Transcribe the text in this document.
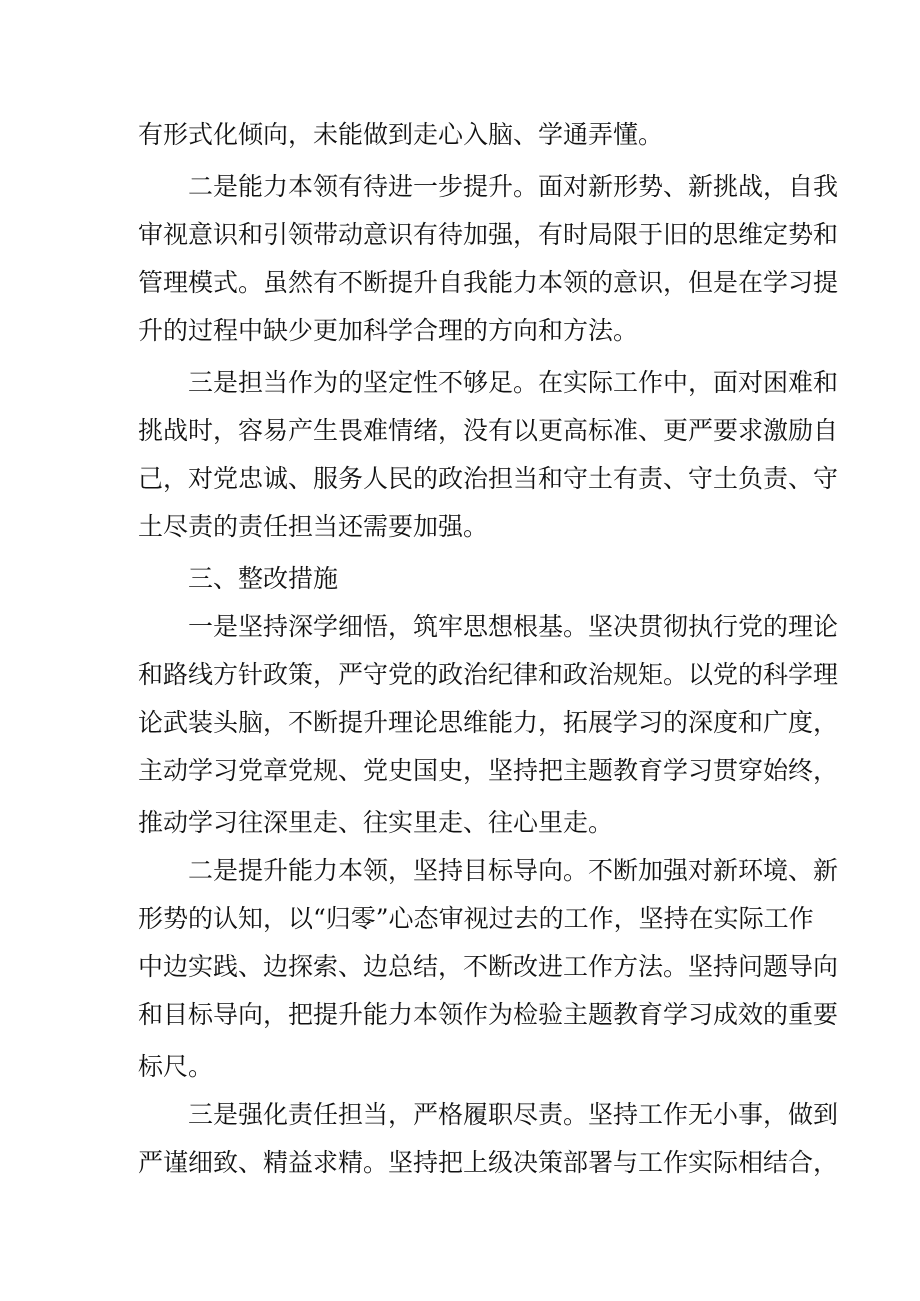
有形式化倾向，未能做到走心入脑、学通弄懂。
二是能力本领有待进一步提升。面对新形势、新挑战，自我
审视意识和引领带动意识有待加强，有时局限于旧的思维定势和
管理模式。虽然有不断提升自我能力本领的意识，但是在学习提
升的过程中缺少更加科学合理的方向和方法。
三是担当作为的坚定性不够足。在实际工作中，面对困难和
挑战时，容易产生畏难情绪，没有以更高标准、更严要求激励自
己，对党忠诚、服务人民的政治担当和守土有责、守土负责、守
土尽责的责任担当还需要加强。
三、整改措施
一是坚持深学细悟，筑牢思想根基。坚决贯彻执行党的理论
和路线方针政策，严守党的政治纪律和政治规矩。以党的科学理
论武装头脑，不断提升理论思维能力，拓展学习的深度和广度，
主动学习党章党规、党史国史，坚持把主题教育学习贯穿始终，
推动学习往深里走、往实里走、往心里走。
二是提升能力本领，坚持目标导向。不断加强对新环境、新
形势的认知，以“归零”心态审视过去的工作，坚持在实际工作
中边实践、边探索、边总结，不断改进工作方法。坚持问题导向
和目标导向，把提升能力本领作为检验主题教育学习成效的重要
标尺。
三是强化责任担当，严格履职尽责。坚持工作无小事，做到
严谨细致、精益求精。坚持把上级决策部署与工作实际相结合，
